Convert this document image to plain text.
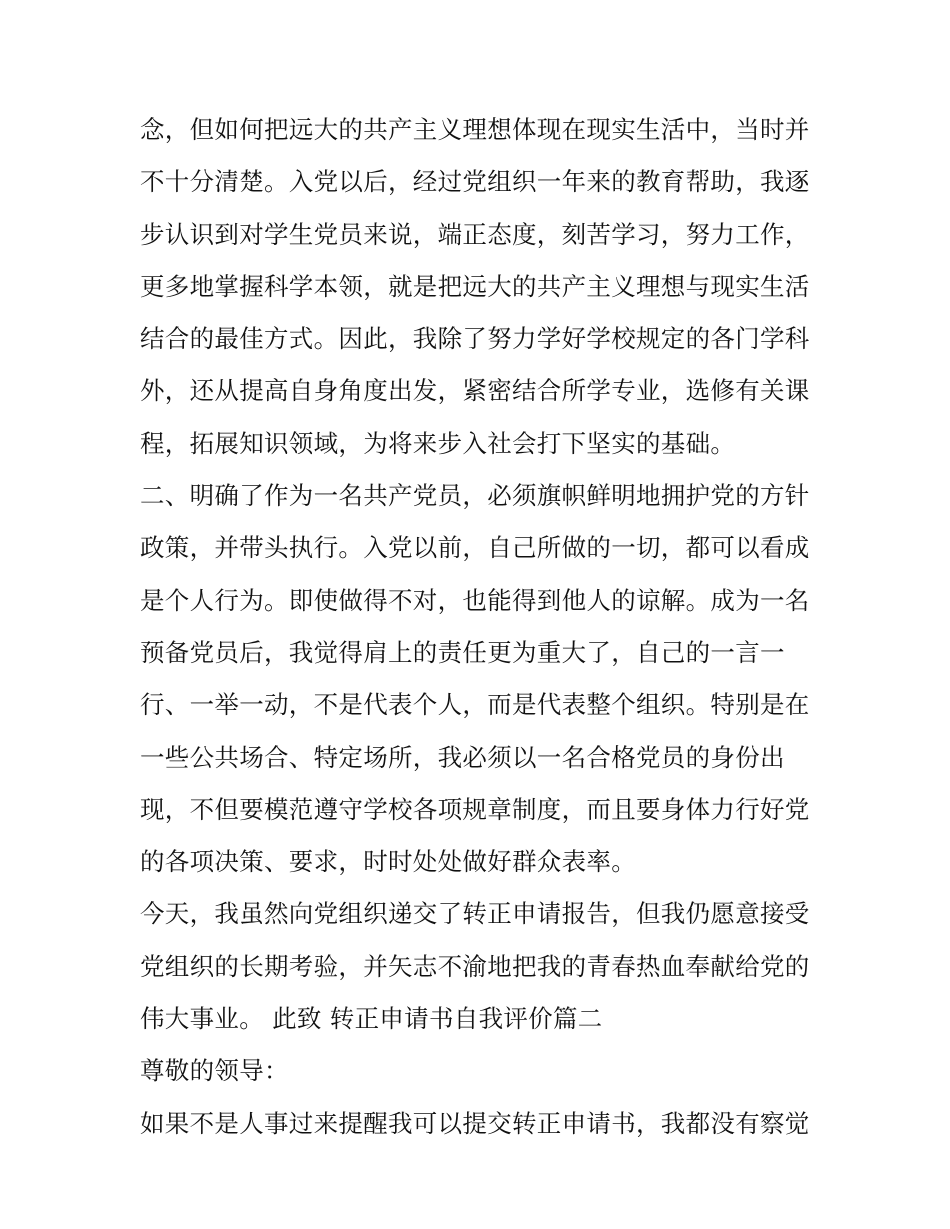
念，但如何把远大的共产主义理想体现在现实生活中，当时并
不十分清楚。入党以后，经过党组织一年来的教育帮助，我逐
步认识到对学生党员来说，端正态度，刻苦学习，努力工作，
更多地掌握科学本领，就是把远大的共产主义理想与现实生活
结合的最佳方式。因此，我除了努力学好学校规定的各门学科
外，还从提高自身角度出发，紧密结合所学专业，选修有关课
程，拓展知识领域，为将来步入社会打下坚实的基础。
二、明确了作为一名共产党员，必须旗帜鲜明地拥护党的方针
政策，并带头执行。入党以前，自己所做的一切，都可以看成
是个人行为。即使做得不对，也能得到他人的谅解。成为一名
预备党员后，我觉得肩上的责任更为重大了，自己的一言一
行、一举一动，不是代表个人，而是代表整个组织。特别是在
一些公共场合、特定场所，我必须以一名合格党员的身份出
现，不但要模范遵守学校各项规章制度，而且要身体力行好党
的各项决策、要求，时时处处做好群众表率。
今天，我虽然向党组织递交了转正申请报告，但我仍愿意接受
党组织的长期考验，并矢志不渝地把我的青春热血奉献给党的
伟大事业。 此致 转正申请书自我评价篇二
尊敬的领导：
如果不是人事过来提醒我可以提交转正申请书，我都没有察觉
